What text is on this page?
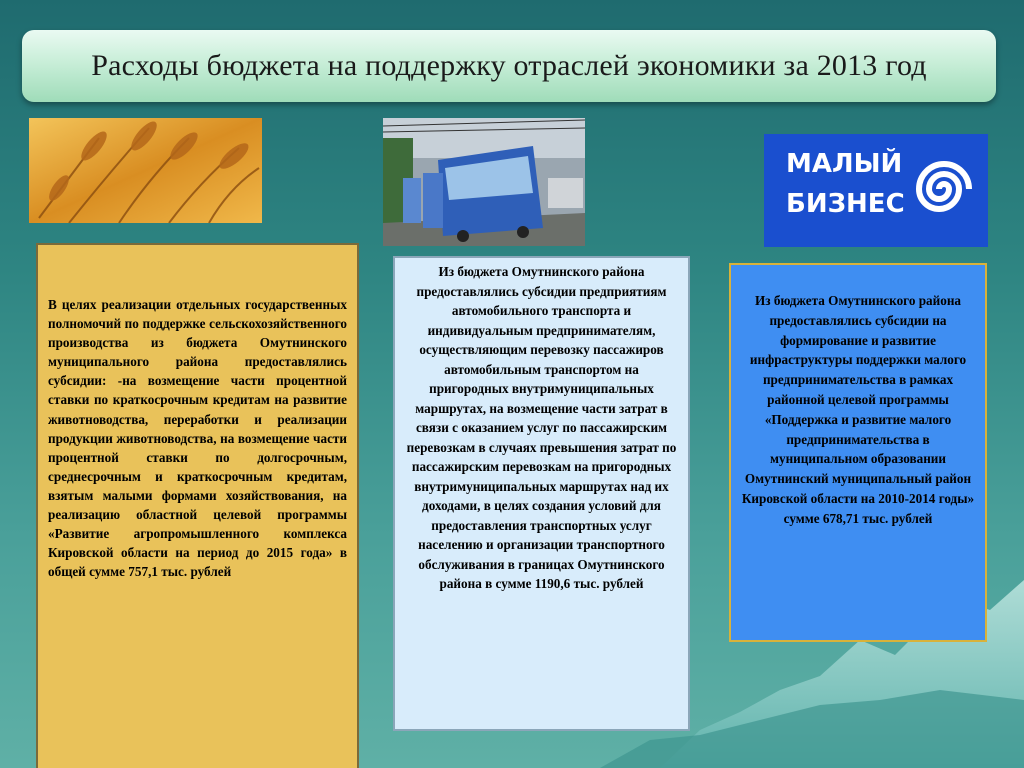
Расходы бюджета на поддержку отраслей экономики за 2013 год
МАЛЫЙ
БИЗНЕС

В целях реализации отдельных государственных полномочий по поддержке сельскохозяйственного производства из бюджета Омутнинского муниципального района предоставлялись субсидии: -на возмещение части процентной ставки по краткосрочным кредитам на развитие животноводства, переработки и реализации продукции животноводства, на возмещение части процентной ставки по долгосрочным, среднесрочным и краткосрочным кредитам, взятым малыми формами хозяйствования, на реализацию областной целевой программы «Развитие агропромышленного комплекса Кировской области на период до 2015 года» в общей сумме 757,1 тыс. рублей

Из бюджета Омутнинского района предоставлялись субсидии предприятиям автомобильного транспорта и индивидуальным предпринимателям, осуществляющим перевозку пассажиров автомобильным транспортом на пригородных внутримуниципальных маршрутах, на возмещение части затрат в связи с оказанием услуг по пассажирским перевозкам в случаях превышения затрат по пассажирским перевозкам на пригородных внутримуниципальных маршрутах над их доходами, в целях создания условий для предоставления транспортных услуг населению и организации транспортного обслуживания в границах Омутнинского района в сумме 1190,6 тыс. рублей

Из бюджета Омутнинского района предоставлялись субсидии на формирование и развитие инфраструктуры поддержки малого предпринимательства в рамках районной целевой программы «Поддержка и развитие малого предпринимательства в муниципальном образовании Омутнинский муниципальный район Кировской области на 2010-2014 годы» сумме 678,71 тыс. рублей
